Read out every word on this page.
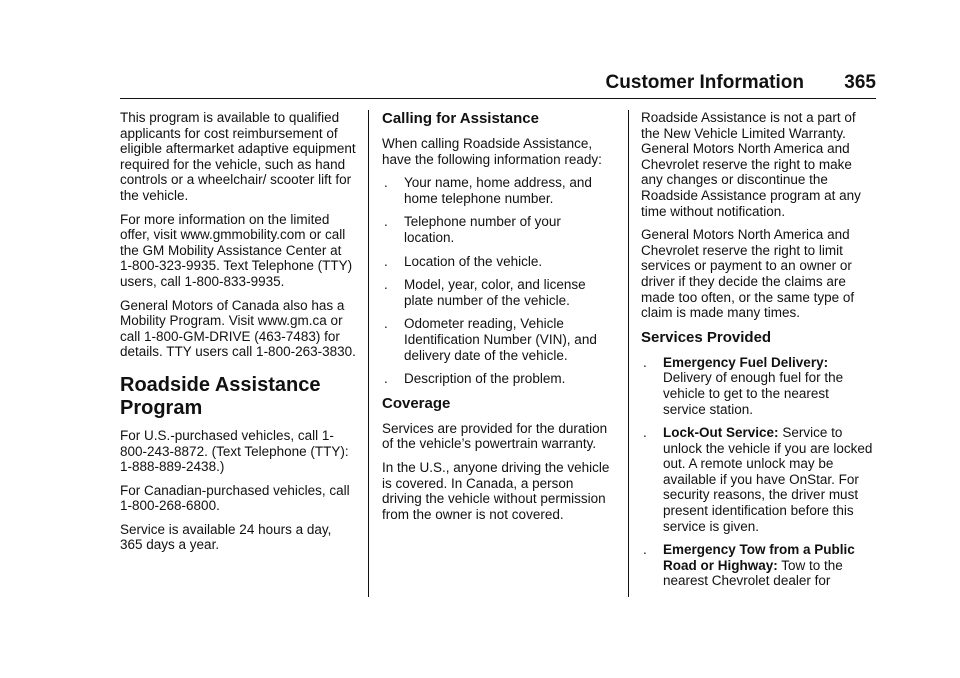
Customer Information 365

This program is available to qualified applicants for cost reimbursement of eligible aftermarket adaptive equipment required for the vehicle, such as hand controls or a wheelchair/ scooter lift for the vehicle.

For more information on the limited offer, visit www.gmmobility.com or call the GM Mobility Assistance Center at 1-800-323-9935. Text Telephone (TTY) users, call 1-800-833-9935.

General Motors of Canada also has a Mobility Program. Visit www.gm.ca or call 1-800-GM-DRIVE (463-7483) for details. TTY users call 1-800-263-3830.

Roadside Assistance Program

For U.S.-purchased vehicles, call 1-800-243-8872. (Text Telephone (TTY): 1-888-889-2438.)

For Canadian-purchased vehicles, call 1-800-268-6800.

Service is available 24 hours a day, 365 days a year.

Calling for Assistance

When calling Roadside Assistance, have the following information ready:

. Your name, home address, and home telephone number.
. Telephone number of your location.
. Location of the vehicle.
. Model, year, color, and license plate number of the vehicle.
. Odometer reading, Vehicle Identification Number (VIN), and delivery date of the vehicle.
. Description of the problem.
Coverage

Services are provided for the duration of the vehicle’s powertrain warranty.

In the U.S., anyone driving the vehicle is covered. In Canada, a person driving the vehicle without permission from the owner is not covered.

Roadside Assistance is not a part of the New Vehicle Limited Warranty. General Motors North America and Chevrolet reserve the right to make any changes or discontinue the Roadside Assistance program at any time without notification.

General Motors North America and Chevrolet reserve the right to limit services or payment to an owner or driver if they decide the claims are made too often, or the same type of claim is made many times.

Services Provided
. Emergency Fuel Delivery: Delivery of enough fuel for the vehicle to get to the nearest service station.
. Lock-Out Service: Service to unlock the vehicle if you are locked out. A remote unlock may be available if you have OnStar. For security reasons, the driver must present identification before this service is given.
. Emergency Tow from a Public Road or Highway: Tow to the nearest Chevrolet dealer for
